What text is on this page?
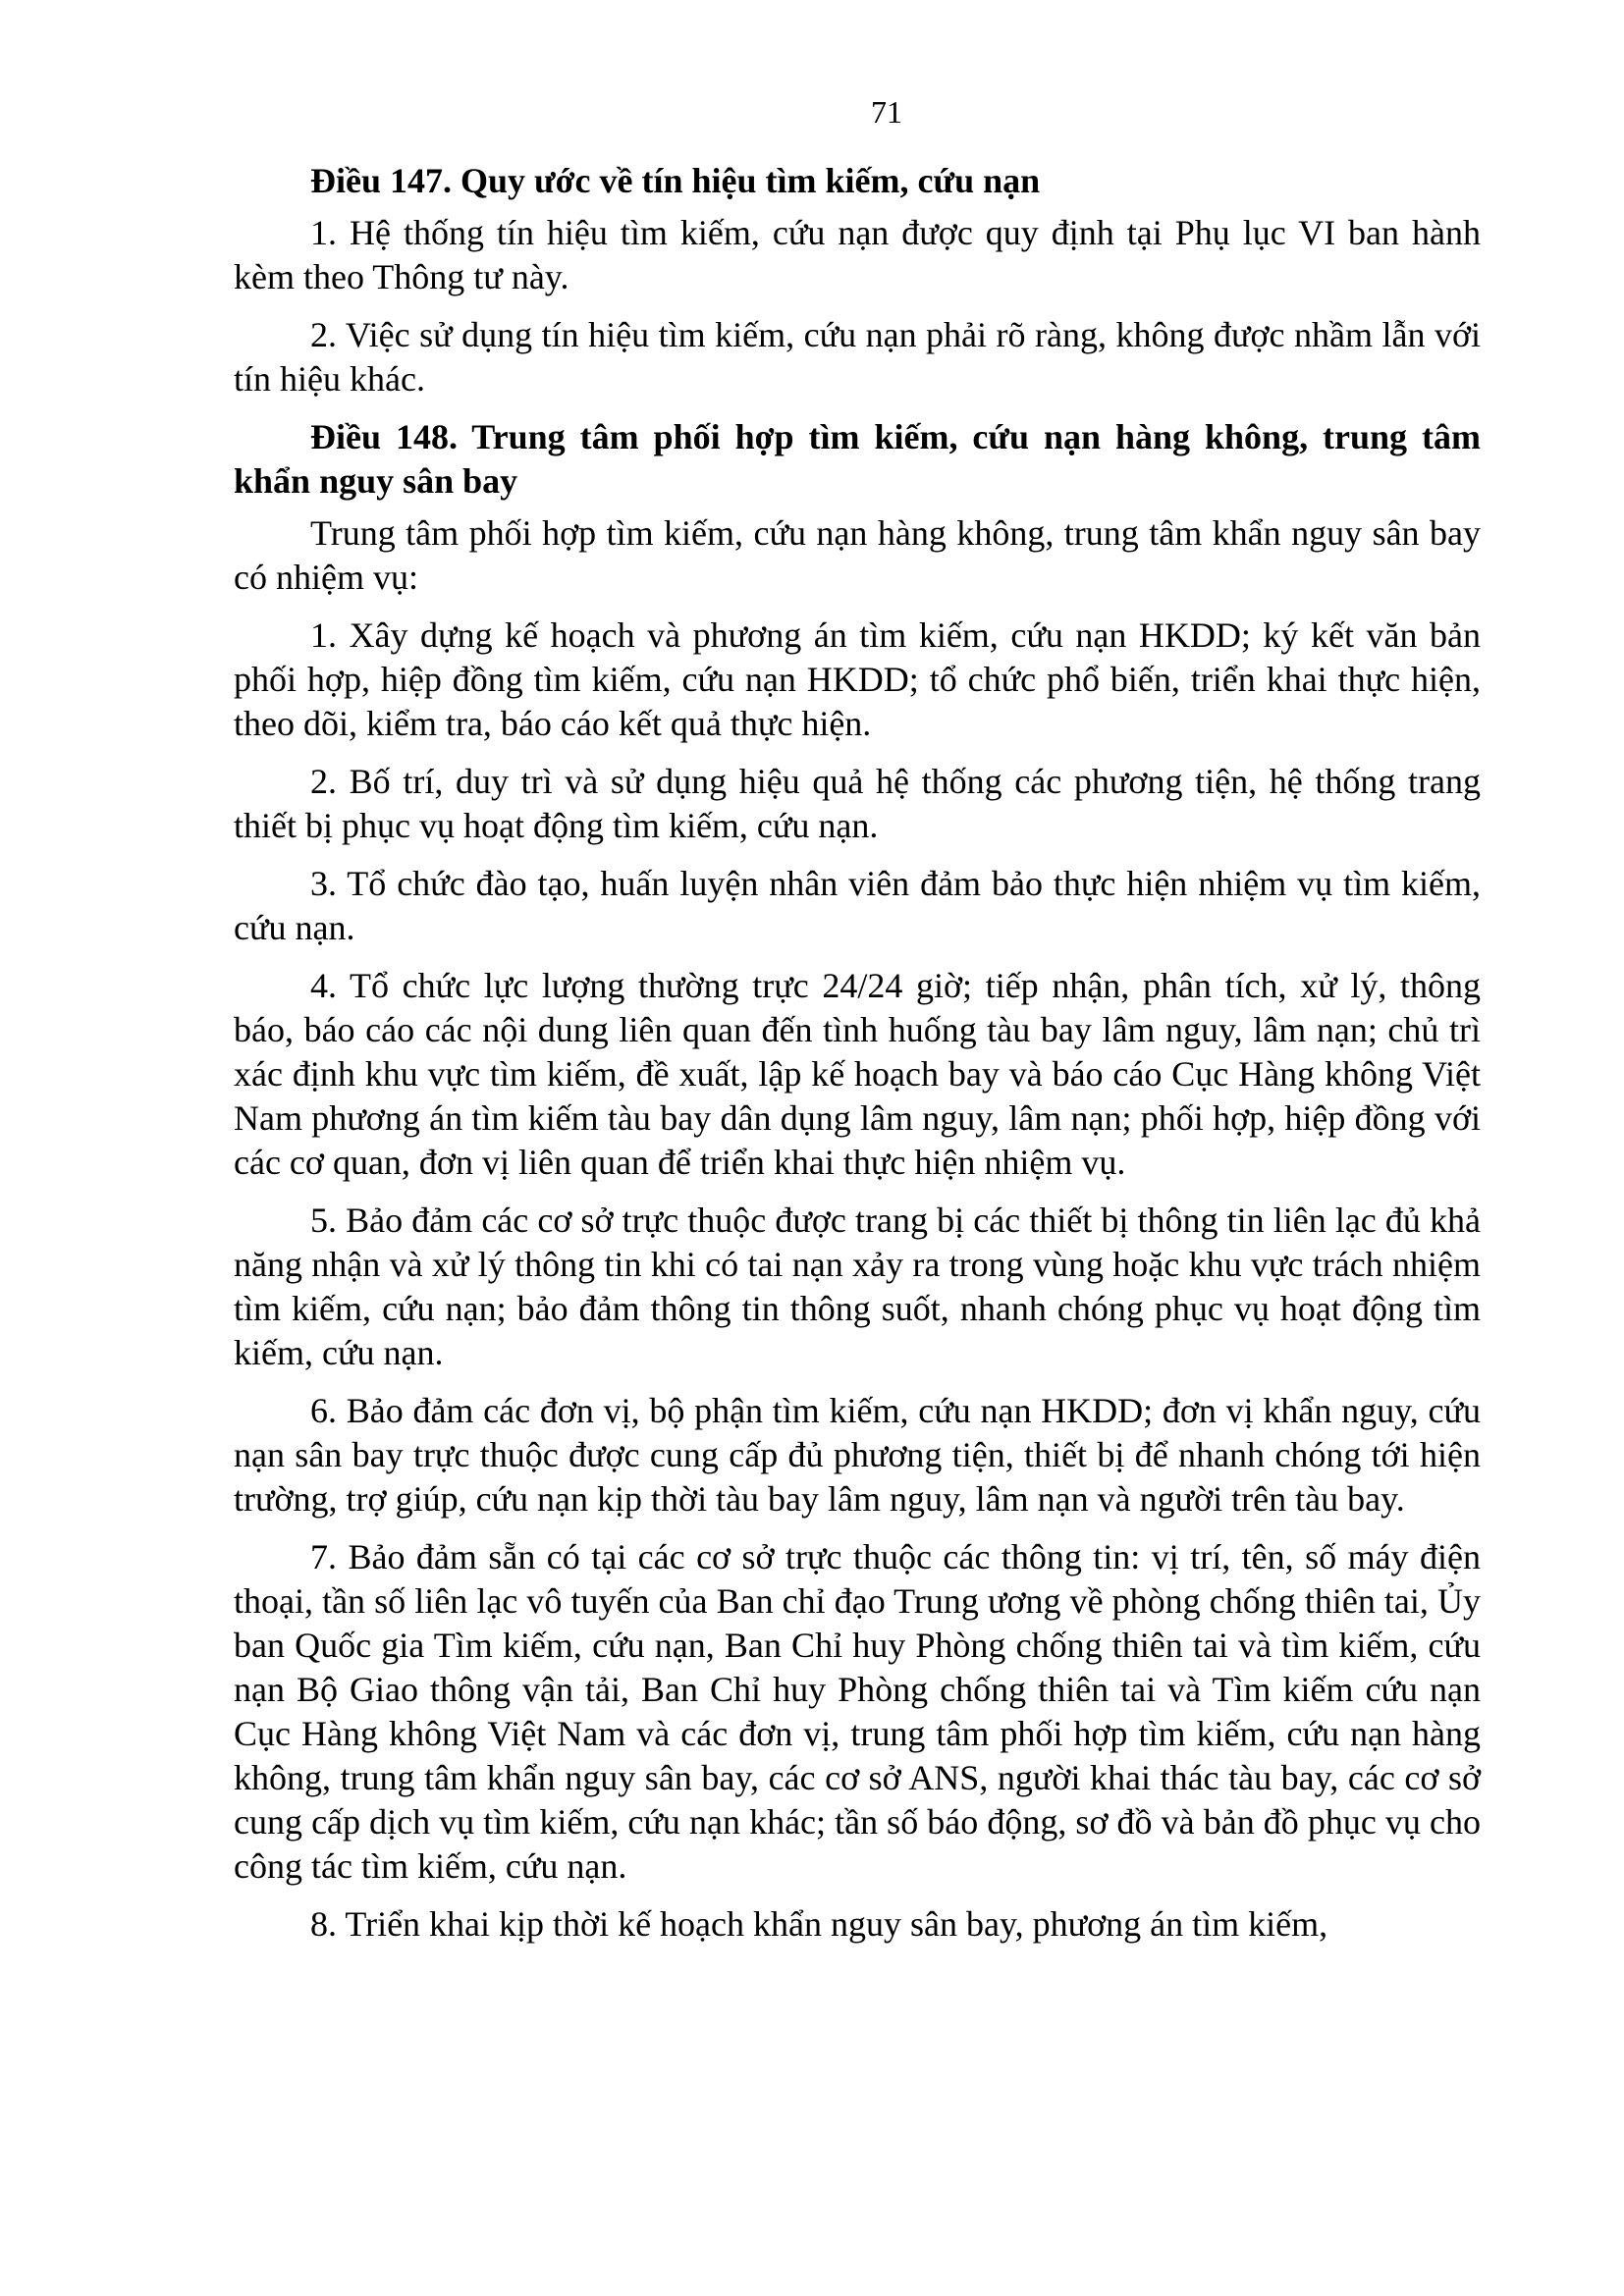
71
Điều 147. Quy ước về tín hiệu tìm kiếm, cứu nạn

1. Hệ thống tín hiệu tìm kiếm, cứu nạn được quy định tại Phụ lục VI ban hành kèm theo Thông tư này.

2. Việc sử dụng tín hiệu tìm kiếm, cứu nạn phải rõ ràng, không được nhầm lẫn với tín hiệu khác.

Điều 148. Trung tâm phối hợp tìm kiếm, cứu nạn hàng không, trung tâm khẩn nguy sân bay

Trung tâm phối hợp tìm kiếm, cứu nạn hàng không, trung tâm khẩn nguy sân bay có nhiệm vụ:

1. Xây dựng kế hoạch và phương án tìm kiếm, cứu nạn HKDD; ký kết văn bản phối hợp, hiệp đồng tìm kiếm, cứu nạn HKDD; tổ chức phổ biến, triển khai thực hiện, theo dõi, kiểm tra, báo cáo kết quả thực hiện.

2. Bố trí, duy trì và sử dụng hiệu quả hệ thống các phương tiện, hệ thống trang thiết bị phục vụ hoạt động tìm kiếm, cứu nạn.

3. Tổ chức đào tạo, huấn luyện nhân viên đảm bảo thực hiện nhiệm vụ tìm kiếm, cứu nạn.

4. Tổ chức lực lượng thường trực 24/24 giờ; tiếp nhận, phân tích, xử lý, thông báo, báo cáo các nội dung liên quan đến tình huống tàu bay lâm nguy, lâm nạn; chủ trì xác định khu vực tìm kiếm, đề xuất, lập kế hoạch bay và báo cáo Cục Hàng không Việt Nam phương án tìm kiếm tàu bay dân dụng lâm nguy, lâm nạn; phối hợp, hiệp đồng với các cơ quan, đơn vị liên quan để triển khai thực hiện nhiệm vụ.

5. Bảo đảm các cơ sở trực thuộc được trang bị các thiết bị thông tin liên lạc đủ khả năng nhận và xử lý thông tin khi có tai nạn xảy ra trong vùng hoặc khu vực trách nhiệm tìm kiếm, cứu nạn; bảo đảm thông tin thông suốt, nhanh chóng phục vụ hoạt động tìm kiếm, cứu nạn.

6. Bảo đảm các đơn vị, bộ phận tìm kiếm, cứu nạn HKDD; đơn vị khẩn nguy, cứu nạn sân bay trực thuộc được cung cấp đủ phương tiện, thiết bị để nhanh chóng tới hiện trường, trợ giúp, cứu nạn kịp thời tàu bay lâm nguy, lâm nạn và người trên tàu bay.

7. Bảo đảm sẵn có tại các cơ sở trực thuộc các thông tin: vị trí, tên, số máy điện thoại, tần số liên lạc vô tuyến của Ban chỉ đạo Trung ương về phòng chống thiên tai, Ủy ban Quốc gia Tìm kiếm, cứu nạn, Ban Chỉ huy Phòng chống thiên tai và tìm kiếm, cứu nạn Bộ Giao thông vận tải, Ban Chỉ huy Phòng chống thiên tai và Tìm kiếm cứu nạn Cục Hàng không Việt Nam và các đơn vị, trung tâm phối hợp tìm kiếm, cứu nạn hàng không, trung tâm khẩn nguy sân bay, các cơ sở ANS, người khai thác tàu bay, các cơ sở cung cấp dịch vụ tìm kiếm, cứu nạn khác; tần số báo động, sơ đồ và bản đồ phục vụ cho công tác tìm kiếm, cứu nạn.

8. Triển khai kịp thời kế hoạch khẩn nguy sân bay, phương án tìm kiếm,
